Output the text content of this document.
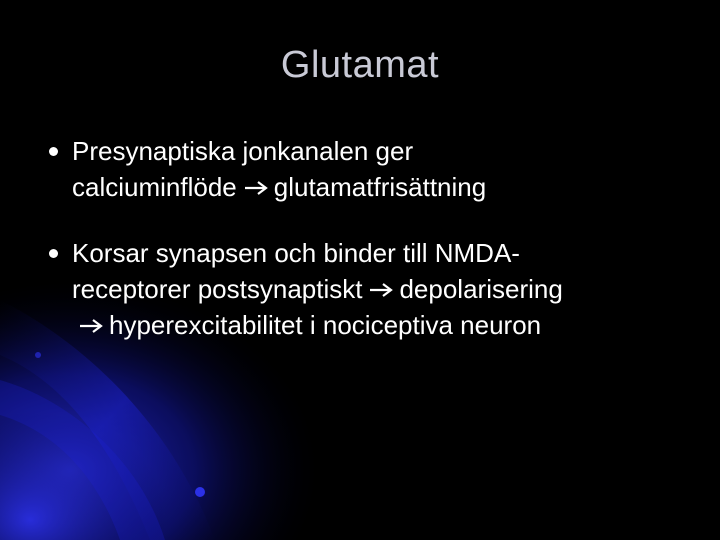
Glutamat
Presynaptiska jonkanalen ger
calciuminflöde glutamatfrisättning
Korsar synapsen och binder till NMDA-
receptorer postsynaptiskt depolarisering
hyperexcitabilitet i nociceptiva neuron
